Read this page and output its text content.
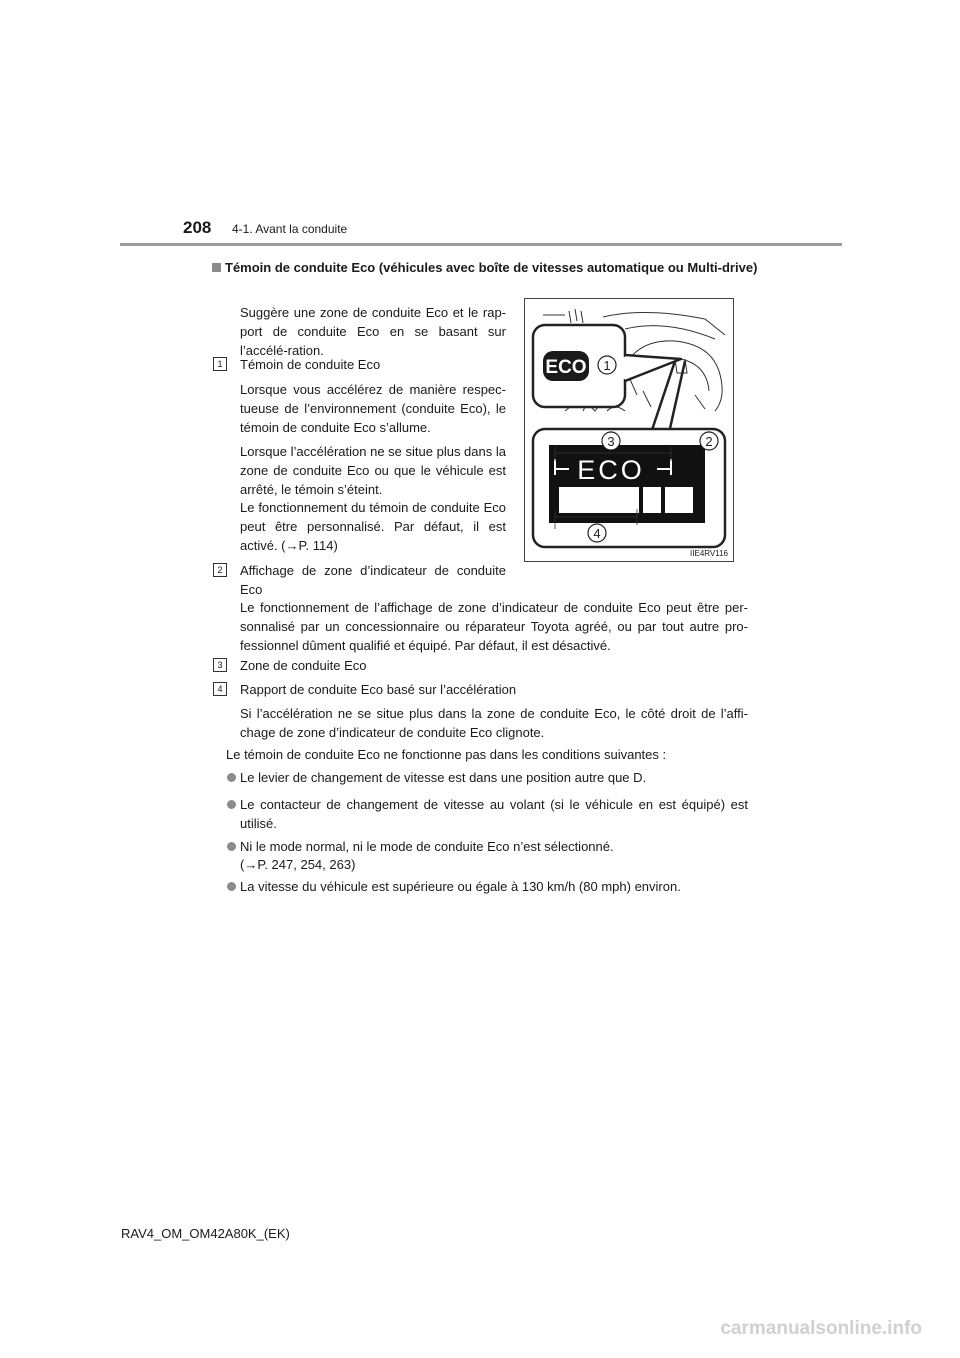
208 4-1. Avant la conduite
Témoin de conduite Eco (véhicules avec boîte de vitesses automatique ou Multi-drive)
Suggère une zone de conduite Eco et le rap-port de conduite Eco en se basant sur l’accélé-ration.
1	Témoin de conduite Eco
Lorsque vous accélérez de manière respec-tueuse de l’environnement (conduite Eco), le témoin de conduite Eco s’allume.
Lorsque l’accélération ne se situe plus dans la zone de conduite Eco ou que le véhicule est arrêté, le témoin s’éteint.
Le fonctionnement du témoin de conduite Eco peut être personnalisé. Par défaut, il est activé. (→P. 114)
ECO 1
ECO
3	2
4
IIE4RV116
2	Affichage de zone d’indicateur de conduite
Eco
Le fonctionnement de l’affichage de zone d’indicateur de conduite Eco peut être per-sonnalisé par un concessionnaire ou réparateur Toyota agréé, ou par tout autre pro-fessionnel dûment qualifié et équipé. Par défaut, il est désactivé.
3	Zone de conduite Eco
4	Rapport de conduite Eco basé sur l’accélération
Si l’accélération ne se situe plus dans la zone de conduite Eco, le côté droit de l’affi-chage de zone d’indicateur de conduite Eco clignote.
Le témoin de conduite Eco ne fonctionne pas dans les conditions suivantes :
Le levier de changement de vitesse est dans une position autre que D.
Le contacteur de changement de vitesse au volant (si le véhicule en est équipé) est utilisé.
Ni le mode normal, ni le mode de conduite Eco n’est sélectionné.
(→P. 247, 254, 263)
La vitesse du véhicule est supérieure ou égale à 130 km/h (80 mph) environ.
RAV4_OM_OM42A80K_(EK)
carmanualsonline.info
